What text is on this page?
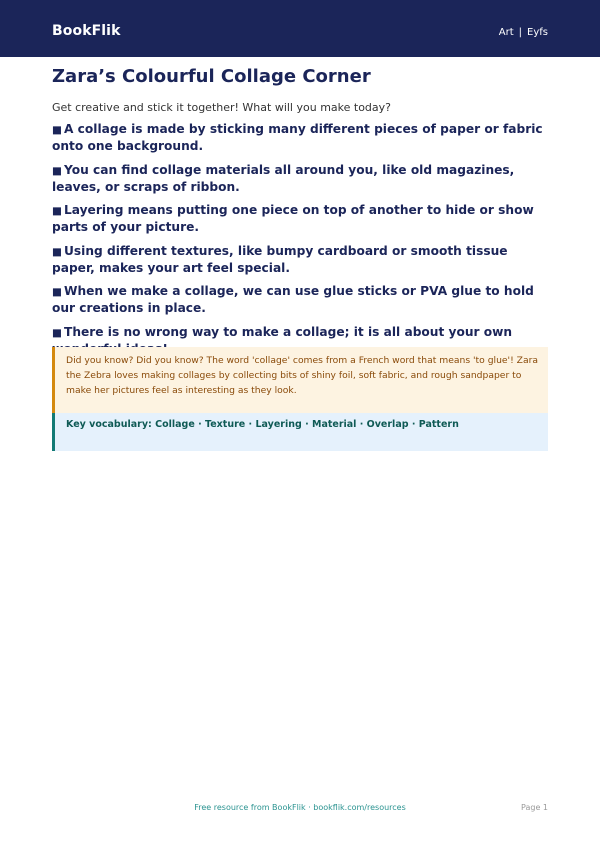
BookFlik	Art | Eyfs
Zara’s Colourful Collage Corner

Get creative and stick it together! What will you make today?

■ A collage is made by sticking many different pieces of paper or fabric onto one background.
■ You can find collage materials all around you, like old magazines, leaves, or scraps of ribbon.
■ Layering means putting one piece on top of another to hide or show parts of your picture.
■ Using different textures, like bumpy cardboard or smooth tissue paper, makes your art feel special.
■ When we make a collage, we can use glue sticks or PVA glue to hold our creations in place.
■ There is no wrong way to make a collage; it is all about your own
Did you know? Did you know? The word 'collage' comes from a French word that means 'to glue'! Zara the Zebra loves making collages by collecting bits of shiny foil, soft fabric, and rough sandpaper to make her pictures feel as interesting as they look.
Key vocabulary: Collage · Texture · Layering · Material · Overlap · Pattern
Free resource from BookFlik · bookflik.com/resources	Page 1
